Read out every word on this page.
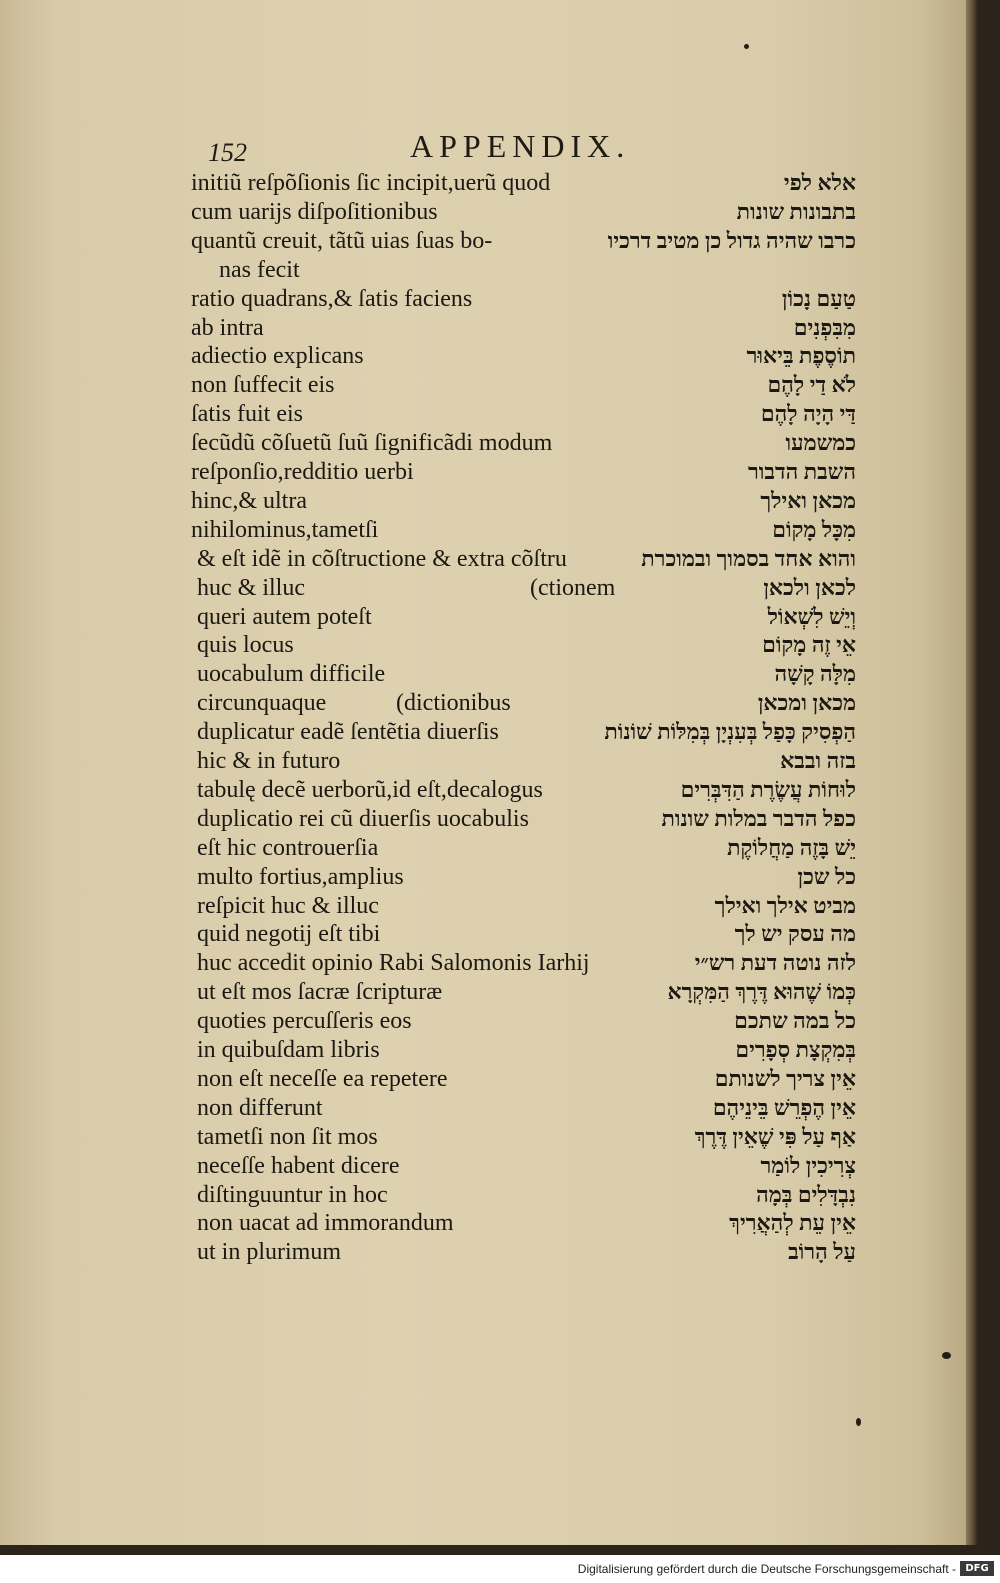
152	APPENDIX.
initiũ reſpõſionis ſic incipit,uerũ quod	אלא לפי
cum uarĳs diſpoſitionibus	בתבונות שונות
quantũ creuit, tãtũ uias ſuas bo-	כרבו שהיה גדול כן מטיב דרכיו
nas fecit
ratio quadrans,& ſatis faciens	טַעַם נָכוֹן
ab intra	מִבִּפְנִים
adiectio explicans	תוֹסֶפֶת בֵּיאוּר
non ſuffecit eis	לֹא דַי לָהֶם
ſatis fuit eis	דַּי הָיָה לָהֶם
ſecũdũ cõſuetũ ſuũ ſignificãdi modum	כמשמעו
reſponſio,redditio uerbi	השבת הדבור
hinc,& ultra	מכאן ואילך
nihilominus,tametſi	מִכָּל מָקוֹם
& eſt idẽ in cõſtructione & extra cõſtru	והוא אחד בסמוך ובמוכרת
huc & illuc	(ctionem	לכאן ולכאן
queri autem poteſt	וְיֵשׁ לִשְׁאוֹל
quis locus	אֵי זֶה מָקוֹם
uocabulum difficile	מִלָּה קָשָׁה
circunquaque	(dictionibus	מכאן ומכאן
duplicatur eadẽ ſentẽtia diuerſis	הַפְסִיק כָּפַל בְּעִנְיָן בְּמִלּוֹת שׁוֹנוֹת
hic & in futuro	בזה ובבא
tabulę decẽ uerborũ,id eſt,decalogus	לוּחוֹת עֲשֶׂרֶת הַדִּבְּרִים
duplicatio rei cũ diuerſis uocabulis	כפל הדבר במלות שונות
eſt hic controuerſia	יֵשׁ בָּזֶה מַחֲלוֹקֶת
multo fortius,amplius	כל שכן
reſpicit huc & illuc	מביט אילך ואילך
quid negotĳ eſt tibi	מה עסק יש לך
huc accedit opinio Rabi Salomonis Iarhĳ	לזה נוטה דעת רש״י
ut eſt mos ſacræ ſcripturæ	כְּמוֹ שֶׁהוּא דֶּרֶךְ הַמִּקְרָא
quoties percuſſeris eos	כל במה שתכם
in quibuſdam libris	בְּמִקְצָת סְפָרִים
non eſt neceſſe ea repetere	אֵין צריך לשנותם
non differunt	אֵין הֶפְרֵשׁ בֵּינֵיהֶם
tametſi non ſit mos	אַף עַל פִּי שֶׁאֵין דֶּרֶךְ
neceſſe habent dicere	צְרִיכִין לוֹמַר
diſtinguuntur in hoc	נִבְדָּלִים בְּמָה
non uacat ad immorandum	אֵין עֵת לְהַאֲרִיךְ
ut in plurimum	עַל הָרוֹב
Digitalisierung gefördert durch die Deutsche Forschungsgemeinschaft - DFG
